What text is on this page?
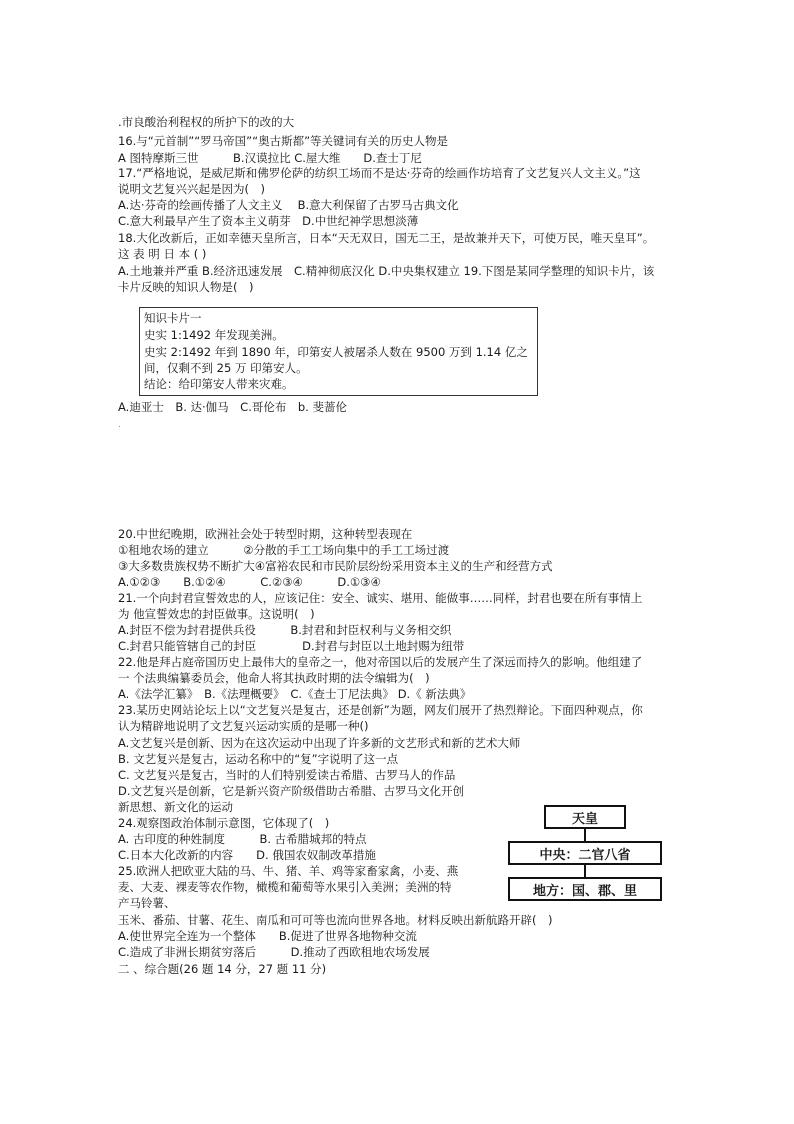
.市良酸治利程权的所护下的改的大
16.与“元首制”“罗马帝国”“奥古斯都”等关键词有关的历史人物是
A 图特摩斯三世　　　B.汉谟拉比 C.屋大维　　D.查士丁尼
17.“严格地说，是威尼斯和佛罗伦萨的纺织工场而不是达·芬奇的绘画作坊培育了文艺复兴人文主义。”这
说明文艺复兴兴起是因为(　)
A.达·芬奇的绘画传播了人文主义　 B.意大利保留了古罗马古典文化
C.意大利最早产生了资本主义萌芽　D.中世纪神学思想淡薄
18.大化改新后，正如幸德天皇所言，日本“天无双日，国无二王，是故兼并天下，可使万民，唯天皇耳”。
这 表 明 日 本 ( )
A.土地兼并严重 B.经济迅速发展　C.精神彻底汉化 D.中央集权建立 19.下图是某同学整理的知识卡片，该
卡片反映的知识人物是(　)
知识卡片一
史实 1:1492 年发现美洲。
史实 2:1492 年到 1890 年，印第安人被屠杀人数在 9500 万到 1.14 亿之
间，仅剩不到 25 万 印第安人。
结论：给印第安人带来灾难。
A.迪亚士　B. 达·伽马　C.哥伦布　b. 斐蔷伦
.
20.中世纪晚期，欧洲社会处于转型时期，这种转型表现在
①租地农场的建立　　　②分散的手工工场向集中的手工工场过渡
③大多数贵族权势不断扩大④富裕农民和市民阶层纷纷采用资本主义的生产和经营方式
A.①②③　　B.①②④　　　C.②③④　　　D.①③④
21.一个向封君宣誓效忠的人，应该记住：安全、诚实、堪用、能做事……同样，封君也要在所有事情上
为 他宣誓效忠的封臣做事。这说明(　)
A.封臣不偿为封君提供兵役　　　B.封君和封臣权利与义务相交织
C.封君只能管辖自己的封臣　　　　D.封君与封臣以土地封赐为纽带
22.他是拜占庭帝国历史上最伟大的皇帝之一，他对帝国以后的发展产生了深远而持久的影响。他组建了
一 个法典编纂委员会，他命人将其执政时期的法令编辑为(　)
A.《法学汇纂》　B.《法理概要》　C.《查士丁尼法典》 D.《 新法典》
23.某历史网站论坛上以“文艺复兴是复古，还是创新”为题，网友们展开了热烈辩论。下面四种观点，你
认为精辟地说明了文艺复兴运动实质的是哪一种()
A.文艺复兴是创新、因为在这次运动中出现了许多新的文艺形式和新的艺术大师
B. 文艺复兴是复古，运动名称中的“复”字说明了这一点
C. 文艺复兴是复古，当时的人们特别爱读古希腊、古罗马人的作品
D.文艺复兴是创新，它是新兴资产阶级借助古希腊、古罗马文化开创
新思想、新文化的运动
24.观察图政治体制示意图，它体现了(　)
A. 古印度的种姓制度　　　B. 古希腊城邦的特点
C.日本大化改新的内容　　D. 俄国农奴制改革措施
25.欧洲人把欧亚大陆的马、牛、猪、羊、鸡等家畜家禽，小麦、燕
麦、大麦、裸麦等农作物，橄榄和葡萄等水果引入美洲；美洲的特
产马铃薯、
玉米、番茄、甘薯、花生、南瓜和可可等也流向世界各地。材料反映出新航路开辟(　)
A.使世界完全连为一个整体　　B.促进了世界各地物种交流
C.造成了非洲长期贫穷落后　　　D.推动了西欧租地农场发展
二 、综合题(26 题 14 分，27 题 11 分)
天皇
中央：二官八省
地方：国、郡、里
